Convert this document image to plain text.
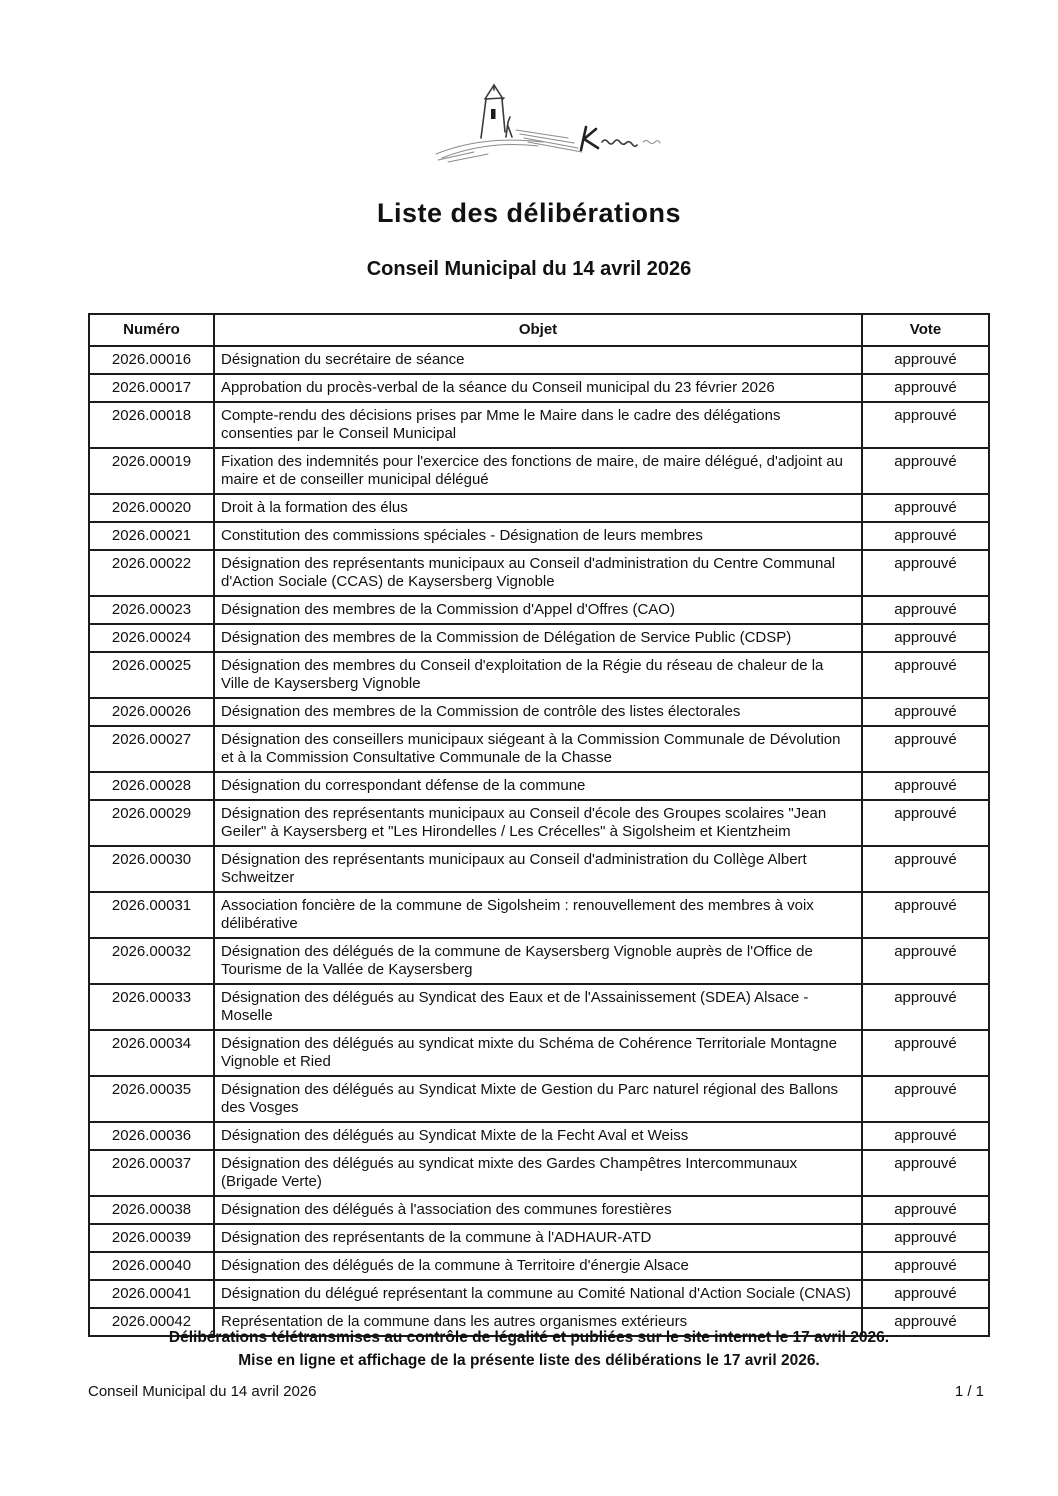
Liste des délibérations
Conseil Municipal du 14 avril 2026
Numéro	Objet	Vote
2026.00016	Désignation du secrétaire de séance	approuvé
2026.00017	Approbation du procès-verbal de la séance du Conseil municipal du 23 février 2026	approuvé
2026.00018	Compte-rendu des décisions prises par Mme le Maire dans le cadre des délégations consenties par le Conseil Municipal	approuvé
2026.00019	Fixation des indemnités pour l'exercice des fonctions de maire, de maire délégué, d'adjoint au maire et de conseiller municipal délégué	approuvé
2026.00020	Droit à la formation des élus	approuvé
2026.00021	Constitution des commissions spéciales - Désignation de leurs membres	approuvé
2026.00022	Désignation des représentants municipaux au Conseil d'administration du Centre Communal d'Action Sociale (CCAS) de Kaysersberg Vignoble	approuvé
2026.00023	Désignation des membres de la Commission d'Appel d'Offres (CAO)	approuvé
2026.00024	Désignation des membres de la Commission de Délégation de Service Public (CDSP)	approuvé
2026.00025	Désignation des membres du Conseil d'exploitation de la Régie du réseau de chaleur de la Ville de Kaysersberg Vignoble	approuvé
2026.00026	Désignation des membres de la Commission de contrôle des listes électorales	approuvé
2026.00027	Désignation des conseillers municipaux siégeant à la Commission Communale de Dévolution et à la Commission Consultative Communale de la Chasse	approuvé
2026.00028	Désignation du correspondant défense de la commune	approuvé
2026.00029	Désignation des représentants municipaux au Conseil d'école des Groupes scolaires "Jean Geiler" à Kaysersberg et "Les Hirondelles / Les Crécelles" à Sigolsheim et Kientzheim	approuvé
2026.00030	Désignation des représentants municipaux au Conseil d'administration du Collège Albert Schweitzer	approuvé
2026.00031	Association foncière de la commune de Sigolsheim : renouvellement des membres à voix délibérative	approuvé
2026.00032	Désignation des délégués de la commune de Kaysersberg Vignoble auprès de l'Office de Tourisme de la Vallée de Kaysersberg	approuvé
2026.00033	Désignation des délégués au Syndicat des Eaux et de l'Assainissement (SDEA) Alsace - Moselle	approuvé
2026.00034	Désignation des délégués au syndicat mixte du Schéma de Cohérence Territoriale Montagne Vignoble et Ried	approuvé
2026.00035	Désignation des délégués au Syndicat Mixte de Gestion du Parc naturel régional des Ballons des Vosges	approuvé
2026.00036	Désignation des délégués au Syndicat Mixte de la Fecht Aval et Weiss	approuvé
2026.00037	Désignation des délégués au syndicat mixte des Gardes Champêtres Intercommunaux (Brigade Verte)	approuvé
2026.00038	Désignation des délégués à l'association des communes forestières	approuvé
2026.00039	Désignation des représentants de la commune à l'ADHAUR-ATD	approuvé
2026.00040	Désignation des délégués de la commune à Territoire d'énergie Alsace	approuvé
2026.00041	Désignation du délégué représentant la commune au Comité National d'Action Sociale (CNAS)	approuvé
2026.00042	Représentation de la commune dans les autres organismes extérieurs	approuvé
Délibérations télétransmises au contrôle de légalité et publiées sur le site internet le 17 avril 2026.
Mise en ligne et affichage de la présente liste des délibérations le 17 avril 2026.
Conseil Municipal du 14 avril 2026	1 / 1
